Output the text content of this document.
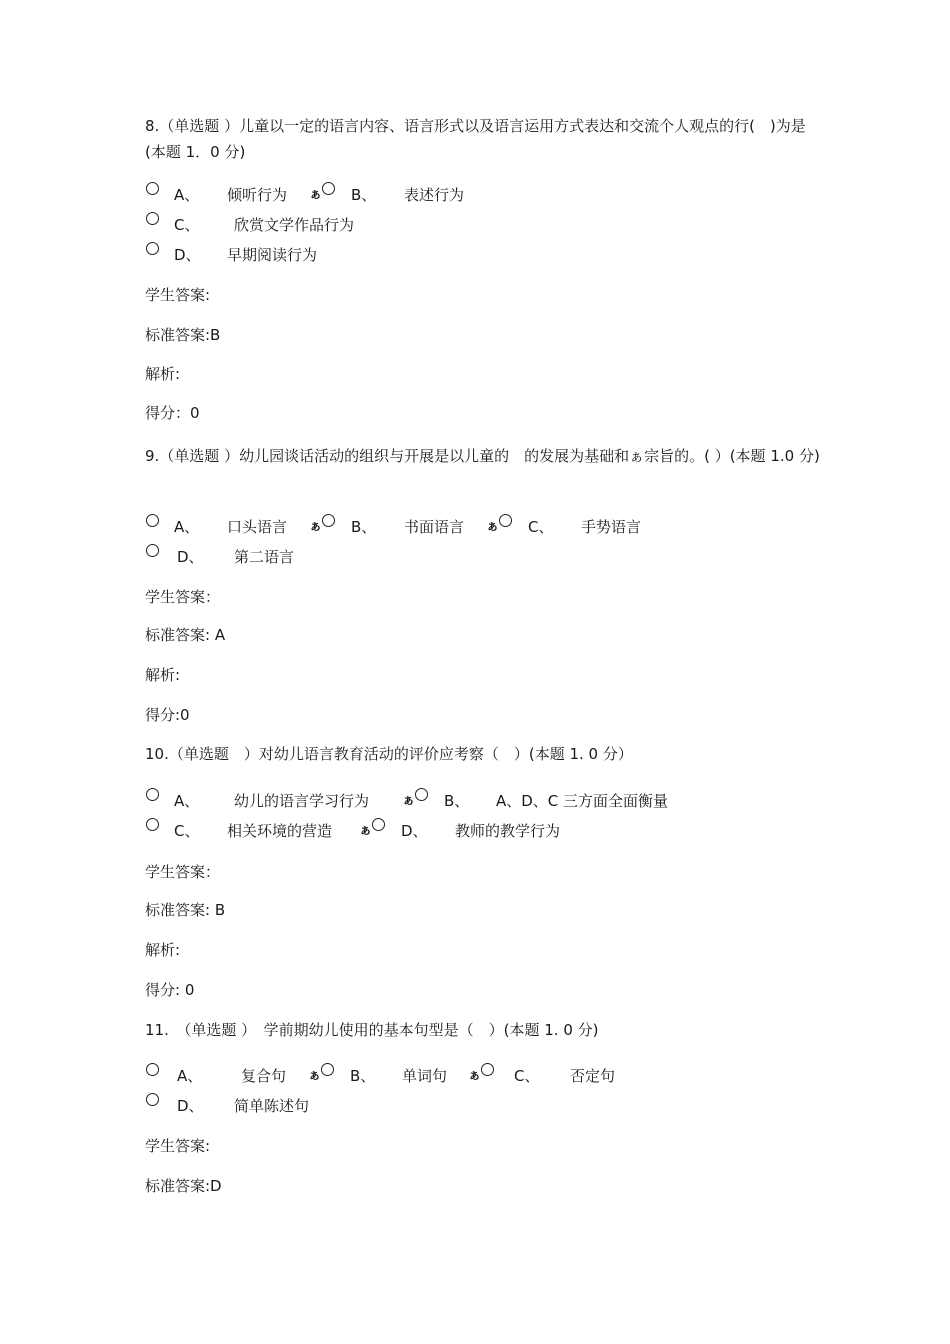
8.（单选题 ）儿童以一定的语言内容、语言形式以及语言运用方式表达和交流个人观点的行(　)为是(本题 1．0 分)
A、 倾听行为 ぁ B、 表述行为
C、 欣赏文学作品行为
D、 早期阅读行为
学生答案:
标准答案:B
解析:
得分：0
9.（单选题 ）幼儿园谈话活动的组织与开展是以儿童的　的发展为基础和ぁ宗旨的。( ）(本题 1.0 分)
A、 口头语言 ぁ B、 书面语言 ぁ C、 手势语言
D、 第二语言
学生答案：
标准答案: A
解析:
得分:0
10.（单选题　）对幼儿语言教育活动的评价应考察（　）(本题 1. 0 分）
A、 幼儿的语言学习行为	ぁ B、 A、D、C 三方面全面衡量
C、 相关环境的营造 ぁ D、 教师的教学行为
学生答案：
标准答案: B
解析:
得分: 0
11.　（单选题 ）　学前期幼儿使用的基本句型是（　）(本题 1. 0 分)
A、	复合句 ぁ B、 单词句 ぁ C、 否定句
D、 简单陈述句
学生答案:
标准答案:D
